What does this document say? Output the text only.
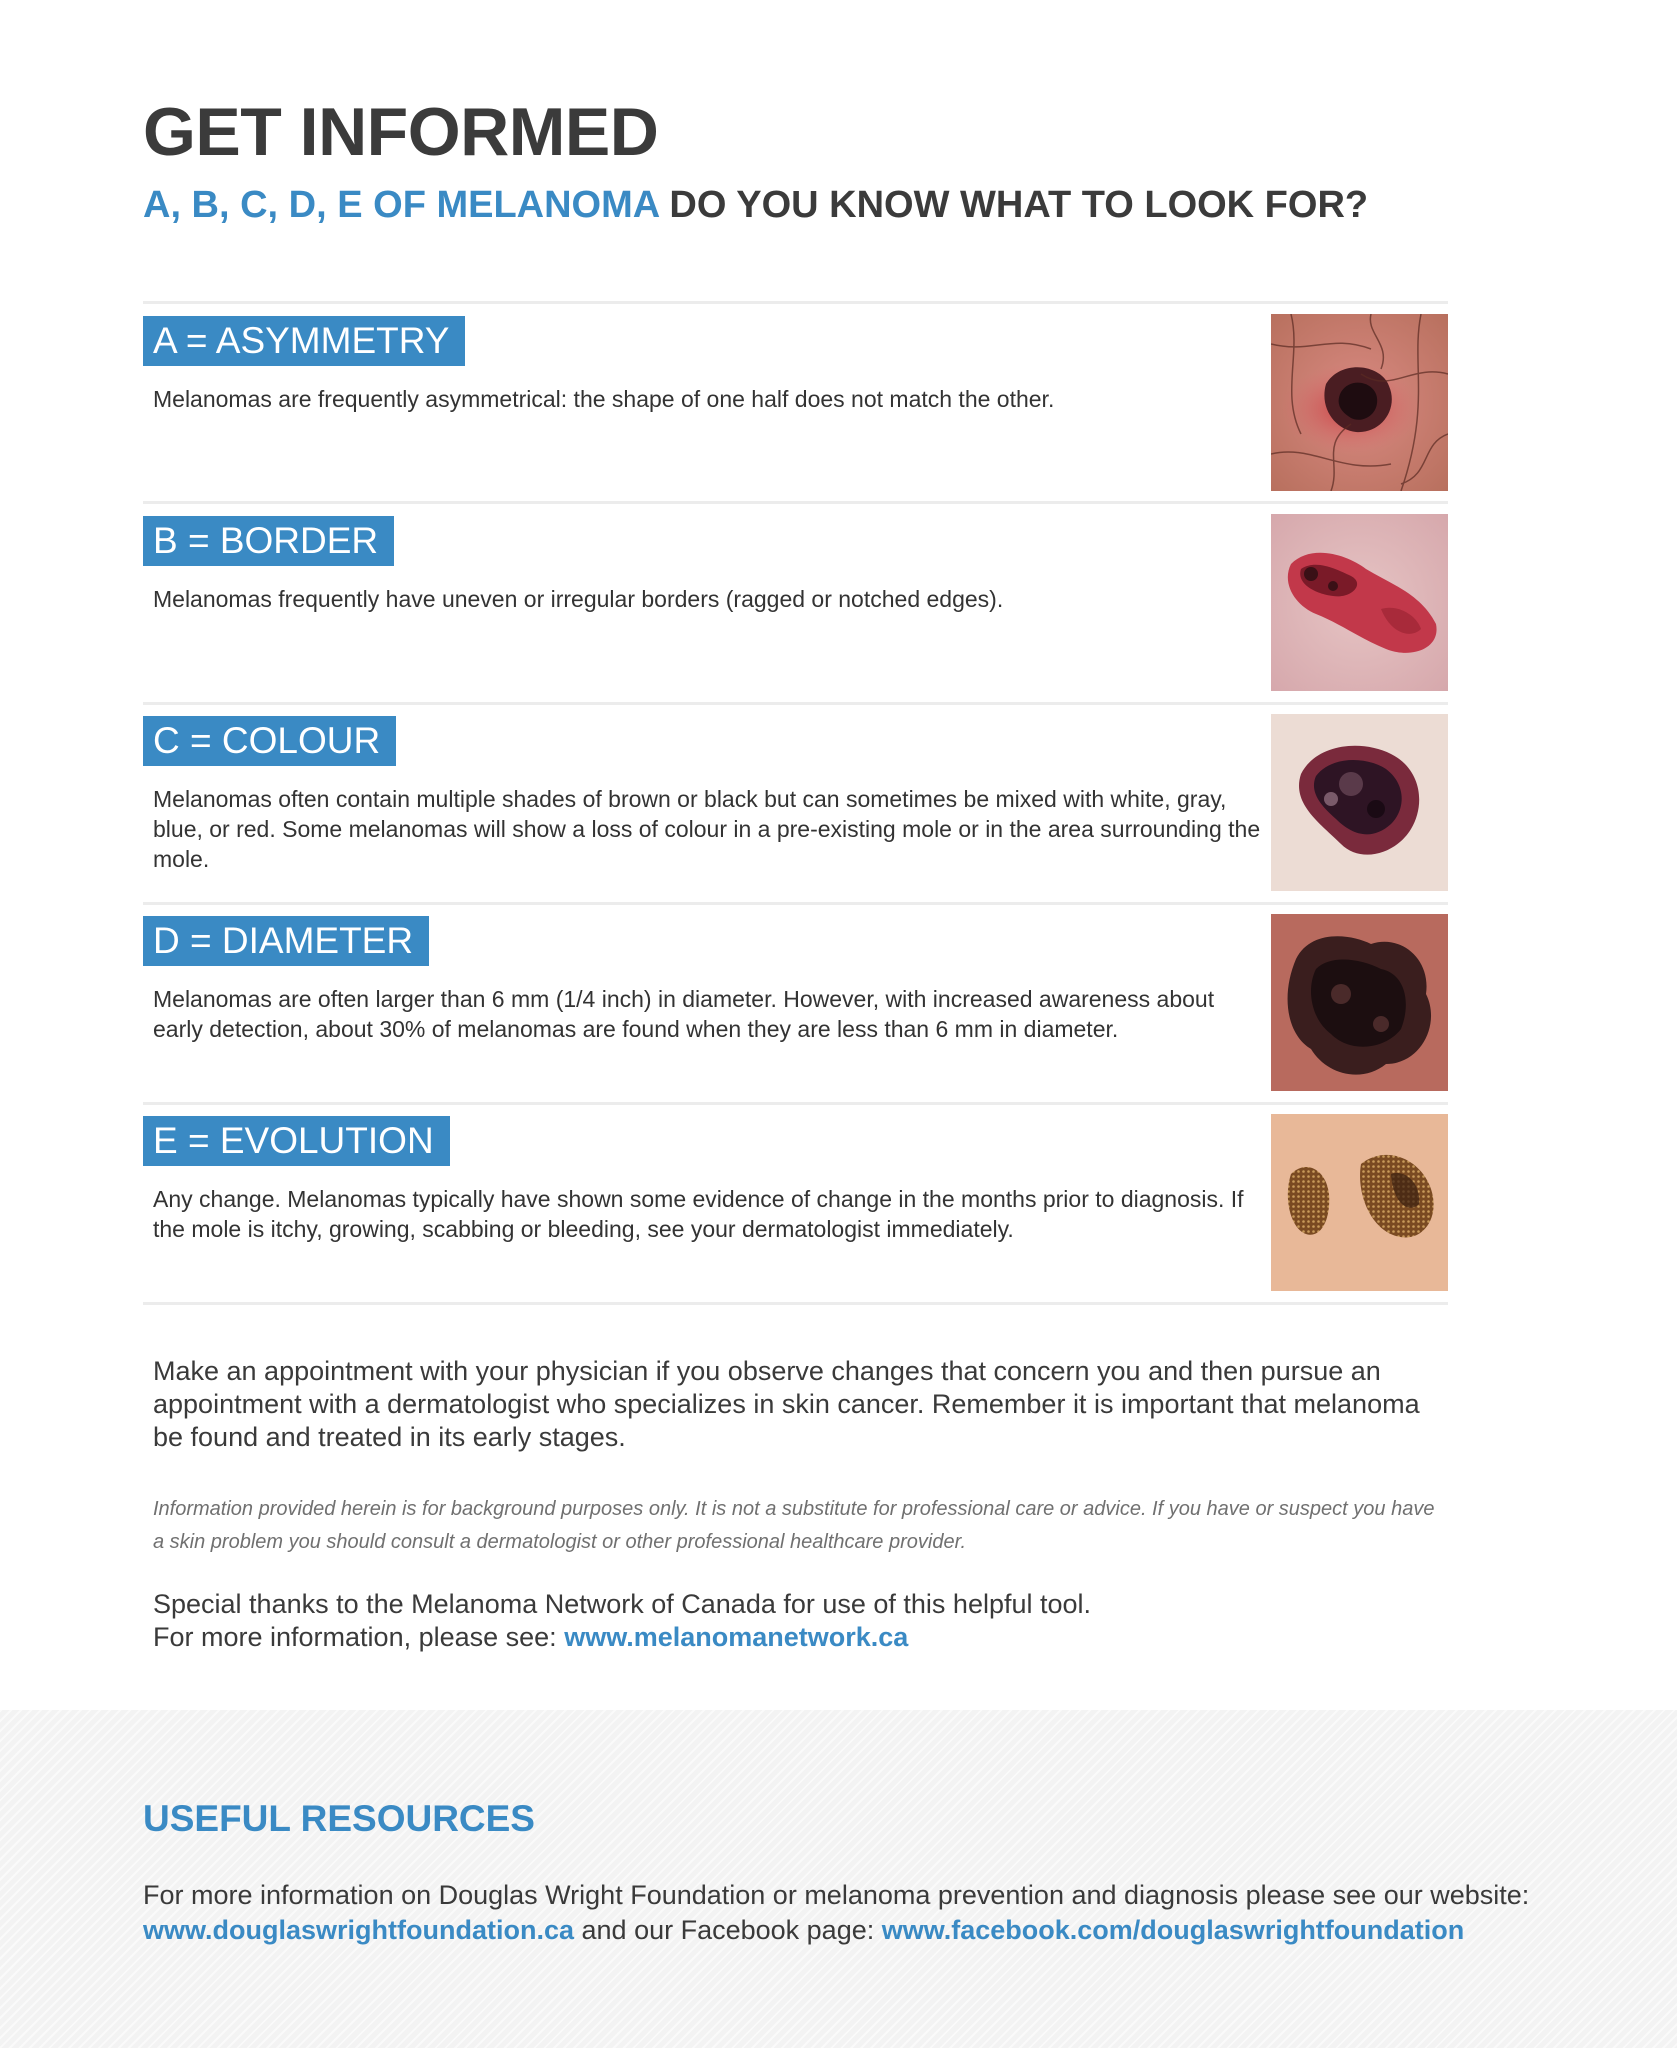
GET INFORMED

A, B, C, D, E OF MELANOMA DO YOU KNOW WHAT TO LOOK FOR?

A = ASYMMETRY

Melanomas are frequently asymmetrical: the shape of one half does not match the other.

B = BORDER

Melanomas frequently have uneven or irregular borders (ragged or notched edges).

C = COLOUR

Melanomas often contain multiple shades of brown or black but can sometimes be mixed with white, gray, blue, or red. Some melanomas will show a loss of colour in a pre-existing mole or in the area surrounding the mole.

D = DIAMETER

Melanomas are often larger than 6 mm (1/4 inch) in diameter. However, with increased awareness about early detection, about 30% of melanomas are found when they are less than 6 mm in diameter.

E = EVOLUTION

Any change. Melanomas typically have shown some evidence of change in the months prior to diagnosis. If the mole is itchy, growing, scabbing or bleeding, see your dermatologist immediately.

Make an appointment with your physician if you observe changes that concern you and then pursue an appointment with a dermatologist who specializes in skin cancer. Remember it is important that melanoma be found and treated in its early stages.

Information provided herein is for background purposes only. It is not a substitute for professional care or advice. If you have or suspect you have a skin problem you should consult a dermatologist or other professional healthcare provider.

Special thanks to the Melanoma Network of Canada for use of this helpful tool.
For more information, please see: www.melanomanetwork.ca

USEFUL RESOURCES

For more information on Douglas Wright Foundation or melanoma prevention and diagnosis please see our website:
www.douglaswrightfoundation.ca and our Facebook page: www.facebook.com/douglaswrightfoundation
